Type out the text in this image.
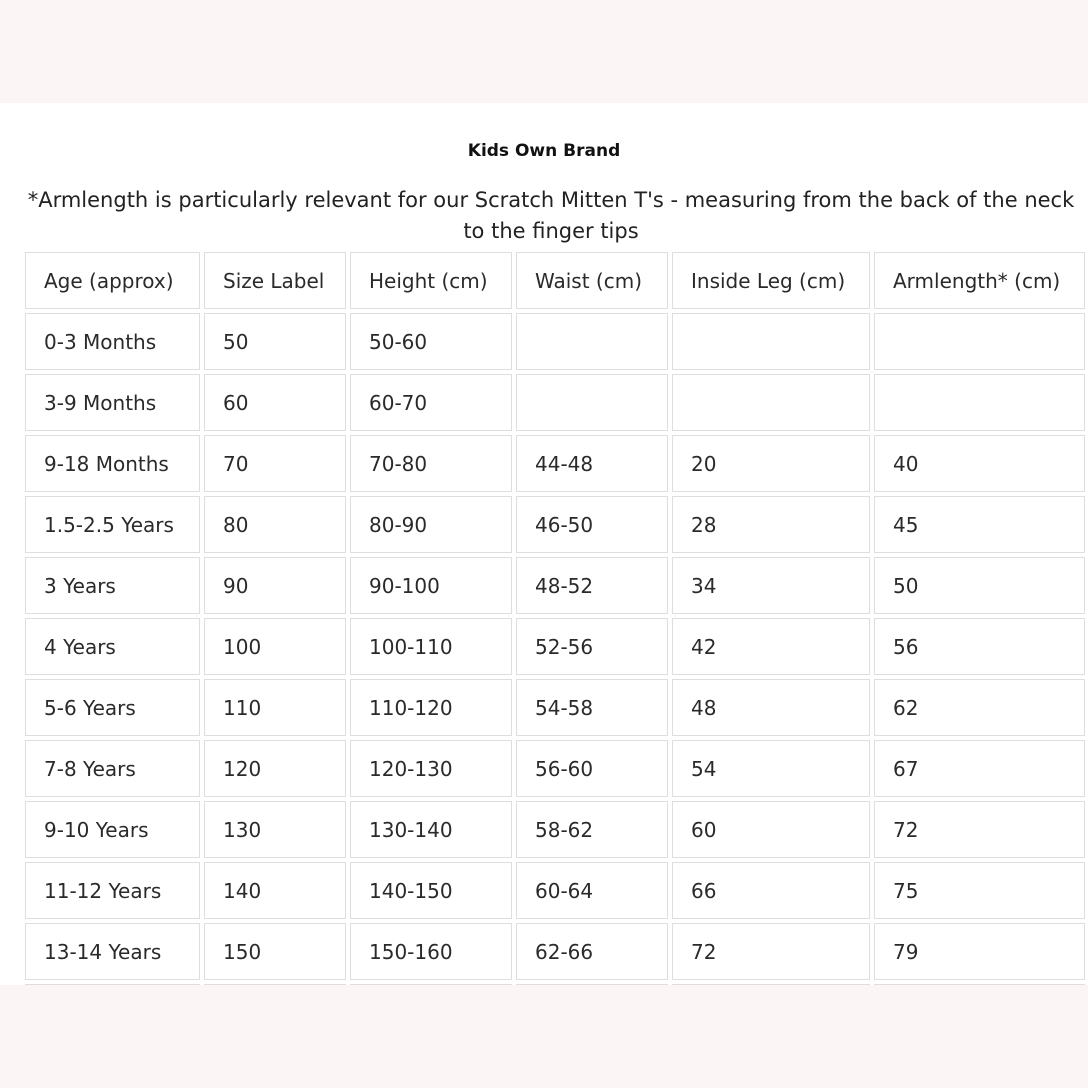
Kids Own Brand
*Armlength is particularly relevant for our Scratch Mitten T's - measuring from the back of the neck to the finger tips
Age (approx)	Size Label	Height (cm)	Waist (cm)	Inside Leg (cm)	Armlength* (cm)
0-3 Months	50	50-60			
3-9 Months	60	60-70			
9-18 Months	70	70-80	44-48	20	40
1.5-2.5 Years	80	80-90	46-50	28	45
3 Years	90	90-100	48-52	34	50
4 Years	100	100-110	52-56	42	56
5-6 Years	110	110-120	54-58	48	62
7-8 Years	120	120-130	56-60	54	67
9-10 Years	130	130-140	58-62	60	72
11-12 Years	140	140-150	60-64	66	75
13-14 Years	150	150-160	62-66	72	79
